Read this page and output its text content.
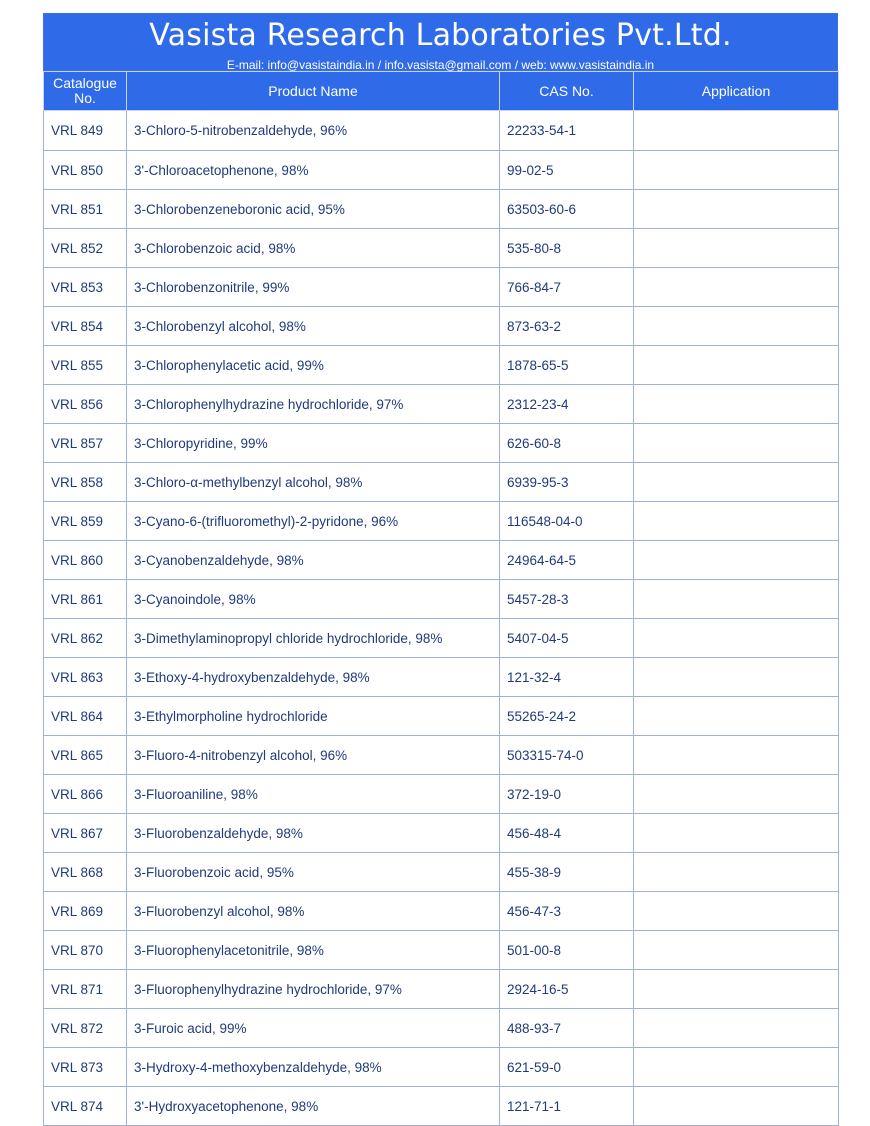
Vasista Research Laboratories Pvt.Ltd.
E-mail: info@vasistaindia.in / info.vasista@gmail.com / web: www.vasistaindia.in
Catalogue
No.	Product Name	CAS No.	Application
VRL 849	3-Chloro-5-nitrobenzaldehyde, 96%	22233-54-1	
VRL 850	3'-Chloroacetophenone, 98%	99-02-5	
VRL 851	3-Chlorobenzeneboronic acid, 95%	63503-60-6	
VRL 852	3-Chlorobenzoic acid, 98%	535-80-8	
VRL 853	3-Chlorobenzonitrile, 99%	766-84-7	
VRL 854	3-Chlorobenzyl alcohol, 98%	873-63-2	
VRL 855	3-Chlorophenylacetic acid, 99%	1878-65-5	
VRL 856	3-Chlorophenylhydrazine hydrochloride, 97%	2312-23-4	
VRL 857	3-Chloropyridine, 99%	626-60-8	
VRL 858	3-Chloro-α-methylbenzyl alcohol, 98%	6939-95-3	
VRL 859	3-Cyano-6-(trifluoromethyl)-2-pyridone, 96%	116548-04-0	
VRL 860	3-Cyanobenzaldehyde, 98%	24964-64-5	
VRL 861	3-Cyanoindole, 98%	5457-28-3	
VRL 862	3-Dimethylaminopropyl chloride hydrochloride, 98%	5407-04-5	
VRL 863	3-Ethoxy-4-hydroxybenzaldehyde, 98%	121-32-4	
VRL 864	3-Ethylmorpholine hydrochloride	55265-24-2	
VRL 865	3-Fluoro-4-nitrobenzyl alcohol, 96%	503315-74-0	
VRL 866	3-Fluoroaniline, 98%	372-19-0	
VRL 867	3-Fluorobenzaldehyde, 98%	456-48-4	
VRL 868	3-Fluorobenzoic acid, 95%	455-38-9	
VRL 869	3-Fluorobenzyl alcohol, 98%	456-47-3	
VRL 870	3-Fluorophenylacetonitrile, 98%	501-00-8	
VRL 871	3-Fluorophenylhydrazine hydrochloride, 97%	2924-16-5	
VRL 872	3-Furoic acid, 99%	488-93-7	
VRL 873	3-Hydroxy-4-methoxybenzaldehyde, 98%	621-59-0	
VRL 874	3'-Hydroxyacetophenone, 98%	121-71-1	
